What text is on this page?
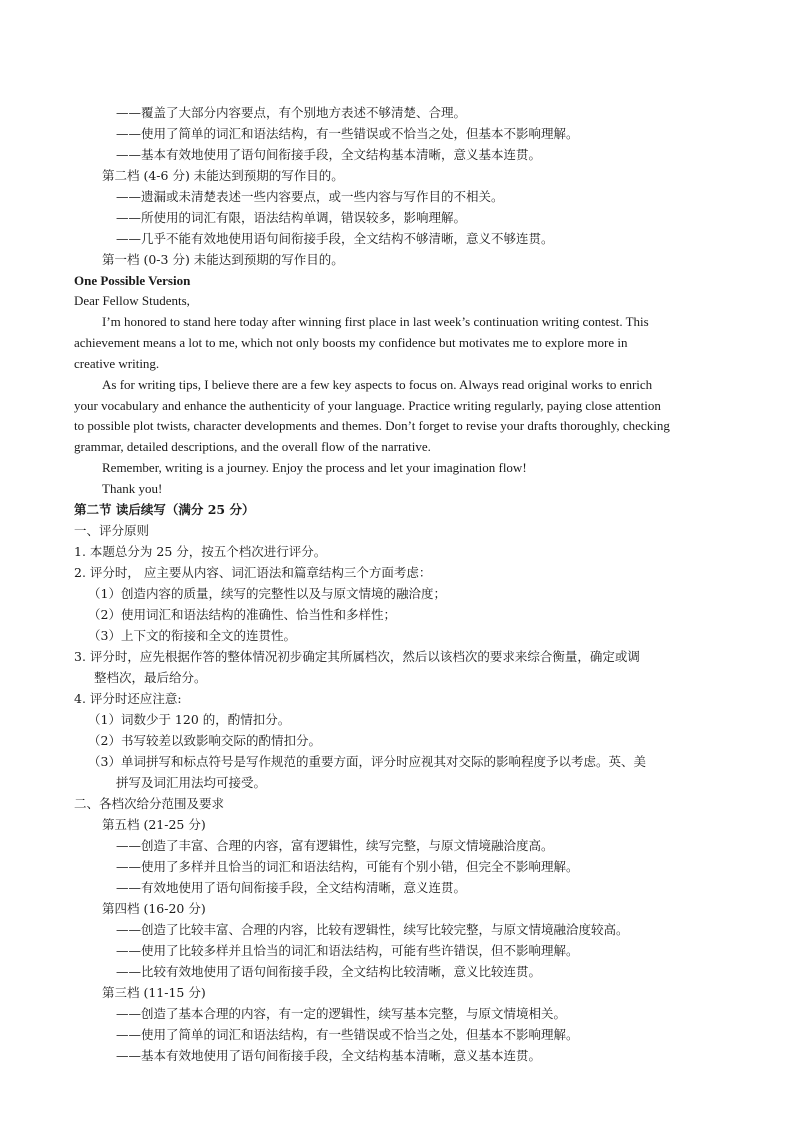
——覆盖了大部分内容要点，有个别地方表述不够清楚、合理。
——使用了简单的词汇和语法结构，有一些错误或不恰当之处，但基本不影响理解。
——基本有效地使用了语句间衔接手段，全文结构基本清晰，意义基本连贯。
第二档 (4-6 分) 未能达到预期的写作目的。
——遗漏或未清楚表述一些内容要点，或一些内容与写作目的不相关。
——所使用的词汇有限，语法结构单调，错误较多，影响理解。
——几乎不能有效地使用语句间衔接手段，全文结构不够清晰，意义不够连贯。
第一档 (0-3 分) 未能达到预期的写作目的。
One Possible Version
Dear Fellow Students,
I’m honored to stand here today after winning first place in last week’s continuation writing contest. This
achievement means a lot to me, which not only boosts my confidence but motivates me to explore more in
creative writing.
As for writing tips, I believe there are a few key aspects to focus on. Always read original works to enrich
your vocabulary and enhance the authenticity of your language. Practice writing regularly, paying close attention
to possible plot twists, character developments and themes. Don’t forget to revise your drafts thoroughly, checking
grammar, detailed descriptions, and the overall flow of the narrative.
Remember, writing is a journey. Enjoy the process and let your imagination flow!
Thank you!
第二节 读后续写（满分 25 分）
一、评分原则
1. 本题总分为 25 分，按五个档次进行评分。
2. 评分时， 应主要从内容、词汇语法和篇章结构三个方面考虑：
（1）创造内容的质量，续写的完整性以及与原文情境的融洽度；
（2）使用词汇和语法结构的准确性、恰当性和多样性；
（3）上下文的衔接和全文的连贯性。
3. 评分时，应先根据作答的整体情况初步确定其所属档次，然后以该档次的要求来综合衡量，确定或调
整档次，最后给分。
4. 评分时还应注意:
（1）词数少于 120 的，酌情扣分。
（2）书写较差以致影响交际的酌情扣分。
（3）单词拼写和标点符号是写作规范的重要方面，评分时应视其对交际的影响程度予以考虑。英、美
拼写及词汇用法均可接受。
二、各档次给分范围及要求
第五档 (21-25 分)
——创造了丰富、合理的内容，富有逻辑性，续写完整，与原文情境融洽度高。
——使用了多样并且恰当的词汇和语法结构，可能有个别小错，但完全不影响理解。
——有效地使用了语句间衔接手段，全文结构清晰，意义连贯。
第四档 (16-20 分)
——创造了比较丰富、合理的内容，比较有逻辑性，续写比较完整，与原文情境融洽度较高。
——使用了比较多样并且恰当的词汇和语法结构，可能有些许错误，但不影响理解。
——比较有效地使用了语句间衔接手段，全文结构比较清晰，意义比较连贯。
第三档 (11-15 分)
——创造了基本合理的内容，有一定的逻辑性，续写基本完整，与原文情境相关。
——使用了简单的词汇和语法结构，有一些错误或不恰当之处，但基本不影响理解。
——基本有效地使用了语句间衔接手段，全文结构基本清晰，意义基本连贯。
